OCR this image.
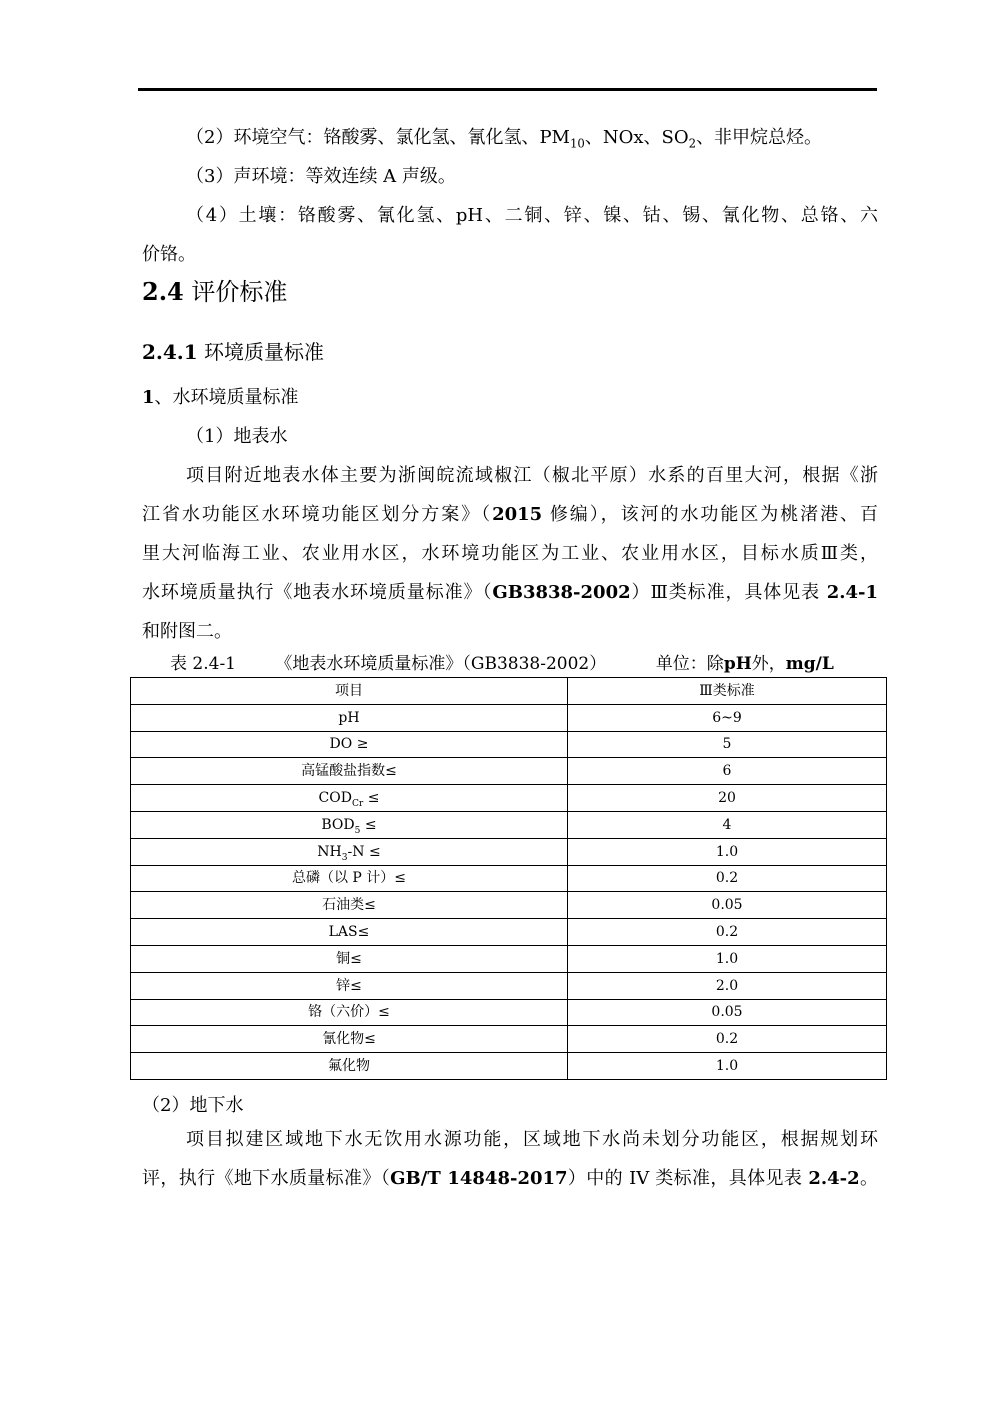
（2）环境空气：铬酸雾、氯化氢、氰化氢、$PM_{10}$、NOx、$SO_2$、非甲烷总烃。
（3）声环境：等效连续 A 声级。
（4）土壤：铬酸雾、氰化氢、pH、二铜、锌、镍、钴、锡、氰化物、总铬、六
价铬。
2.4 评价标准
2.4.1 环境质量标准
1、水环境质量标准
（1）地表水
项目附近地表水体主要为浙闽皖流域椒江（椒北平原）水系的百里大河，根据《浙
江省水功能区水环境功能区划分方案》（2015 修编），该河的水功能区为桃渚港、百
里大河临海工业、农业用水区，水环境功能区为工业、农业用水区，目标水质Ⅲ类，
水环境质量执行《地表水环境质量标准》（GB3838-2002）Ⅲ类标准，具体见表 2.4-1
和附图二。
表 2.4-1 《地表水环境质量标准》（GB3838-2002）	单位：除pH外，mg/L
项目	Ⅲ类标准
pH	6~9
DO ≥	5
高锰酸盐指数≤	6
$COD_{Cr}$ ≤	20
$BOD_5$ ≤	4
$NH_3-N$ ≤	1.0
总磷（以 P 计）≤	0.2
石油类≤	0.05
LAS≤	0.2
铜≤	1.0
锌≤	2.0
铬（六价）≤	0.05
氰化物≤	0.2
氟化物	1.0
（2）地下水
项目拟建区域地下水无饮用水源功能，区域地下水尚未划分功能区，根据规划环
评，执行《地下水质量标准》（GB/T 14848-2017）中的 IV 类标准，具体见表 2.4-2。
